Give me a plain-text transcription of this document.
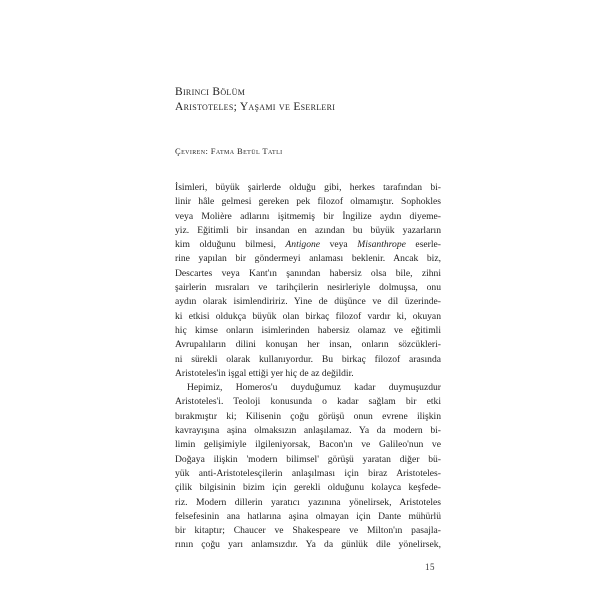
Birinci Bölüm
Aristoteles; Yaşamı ve Eserleri
Çeviren: Fatma Betül Tatlı
İsimleri, büyük şairlerde olduğu gibi, herkes tarafından bi-
linir hâle gelmesi gereken pek filozof olmamıştır. Sophokles
veya Molière adlarını işitmemiş bir İngilize aydın diyeme-
yiz. Eğitimli bir insandan en azından bu büyük yazarların
kim olduğunu bilmesi, Antigone veya Misanthrope eserle-
rine yapılan bir göndermeyi anlaması beklenir. Ancak biz,
Descartes veya Kant'ın şanından habersiz olsa bile, zihni
şairlerin mısraları ve tarihçilerin nesirleriyle dolmuşsa, onu
aydın olarak isimlendiririz. Yine de düşünce ve dil üzerinde-
ki etkisi oldukça büyük olan birkaç filozof vardır ki, okuyan
hiç kimse onların isimlerinden habersiz olamaz ve eğitimli
Avrupalıların dilini konuşan her insan, onların sözcükleri-
ni sürekli olarak kullanıyordur. Bu birkaç filozof arasında
Aristoteles'in işgal ettiği yer hiç de az değildir.
Hepimiz, Homeros'u duyduğumuz kadar duymuşuzdur
Aristoteles'i. Teoloji konusunda o kadar sağlam bir etki
bırakmıştır ki; Kilisenin çoğu görüşü onun evrene ilişkin
kavrayışına aşina olmaksızın anlaşılamaz. Ya da modern bi-
limin gelişimiyle ilgileniyorsak, Bacon'ın ve Galileo'nun ve
Doğaya ilişkin 'modern bilimsel' görüşü yaratan diğer bü-
yük anti-Aristotelesçilerin anlaşılması için biraz Aristoteles-
çilik bilgisinin bizim için gerekli olduğunu kolayca keşfede-
riz. Modern dillerin yaratıcı yazınına yönelirsek, Aristoteles
felsefesinin ana hatlarına aşina olmayan için Dante mühürlü
bir kitaptır; Chaucer ve Shakespeare ve Milton'ın pasajla-
rının çoğu yarı anlamsızdır. Ya da günlük dile yönelirsek,
15
